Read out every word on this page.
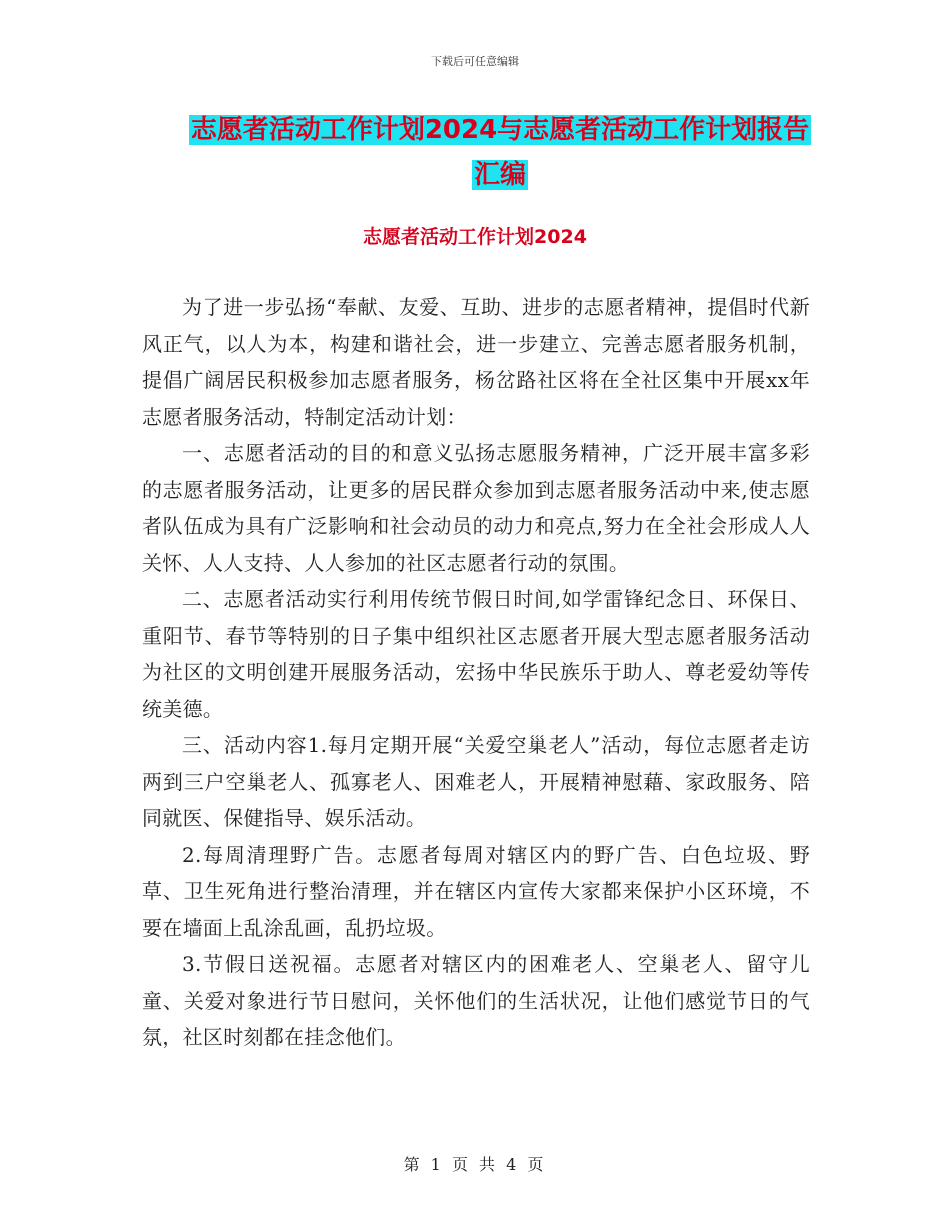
下载后可任意编辑
志愿者活动工作计划2024与志愿者活动工作计划报告
汇编
志愿者活动工作计划2024

为了进一步弘扬“奉献、友爱、互助、进步的志愿者精神，提倡时代新风正气，以人为本，构建和谐社会，进一步建立、完善志愿者服务机制，提倡广阔居民积极参加志愿者服务，杨岔路社区将在全社区集中开展xx年志愿者服务活动，特制定活动计划：

一、志愿者活动的目的和意义弘扬志愿服务精神，广泛开展丰富多彩的志愿者服务活动，让更多的居民群众参加到志愿者服务活动中来,使志愿者队伍成为具有广泛影响和社会动员的动力和亮点,努力在全社会形成人人关怀、人人支持、人人参加的社区志愿者行动的氛围。

二、志愿者活动实行利用传统节假日时间,如学雷锋纪念日、环保日、重阳节、春节等特别的日子集中组织社区志愿者开展大型志愿者服务活动为社区的文明创建开展服务活动，宏扬中华民族乐于助人、尊老爱幼等传统美德。

三、活动内容1.每月定期开展“关爱空巢老人”活动，每位志愿者走访两到三户空巢老人、孤寡老人、困难老人，开展精神慰藉、家政服务、陪同就医、保健指导、娱乐活动。

2.每周清理野广告。志愿者每周对辖区内的野广告、白色垃圾、野草、卫生死角进行整治清理，并在辖区内宣传大家都来保护小区环境，不要在墙面上乱涂乱画，乱扔垃圾。

3.节假日送祝福。志愿者对辖区内的困难老人、空巢老人、留守儿童、关爱对象进行节日慰问，关怀他们的生活状况，让他们感觉节日的气氛，社区时刻都在挂念他们。

第 1 页 共 4 页
